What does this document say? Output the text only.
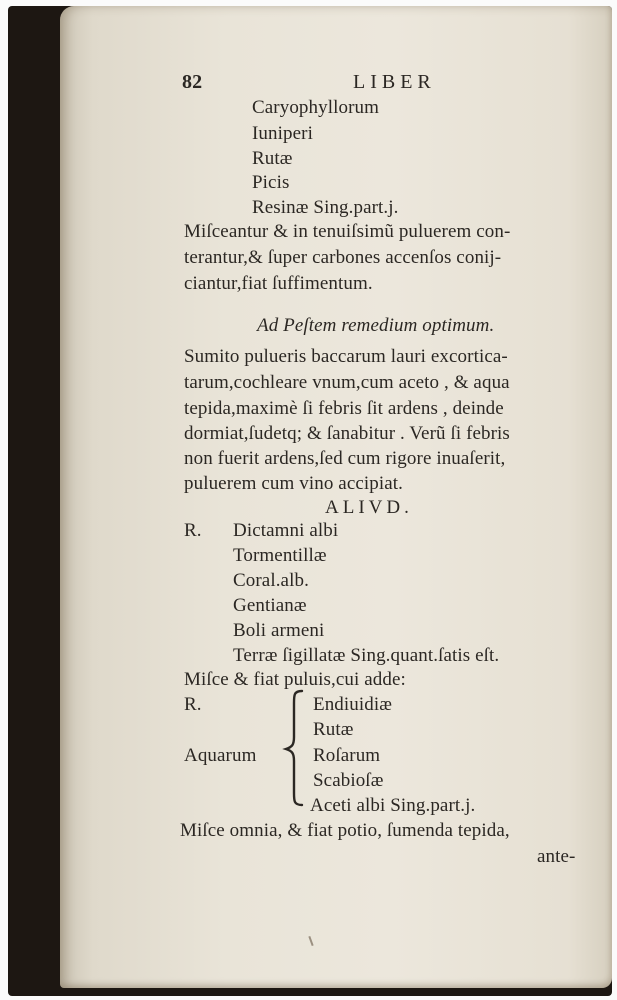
82	LIBER
Caryophyllorum
Iuniperi
Rutæ
Picis
Resinæ Sing.part.j.
Miſceantur & in tenuiſsimũ puluerem con-
terantur,& ſuper carbones accenſos conij-
ciantur,fiat ſuffimentum.
Ad Peſtem remedium optimum.
Sumito pulueris baccarum lauri excortica-
tarum,cochleare vnum,cum aceto , & aqua
tepida,maximè ſi febris ſit ardens , deinde
dormiat,ſudetq; & ſanabitur . Verũ ſi febris
non fuerit ardens,ſed cum rigore inuaſerit,
puluerem cum vino accipiat.
ALIVD.
R. Dictamni albi
Tormentillæ
Coral.alb.
Gentianæ
Boli armeni
Terræ ſigillatæ Sing.quant.ſatis eſt.
Miſce & fiat puluis,cui adde:
R.
Aquarum
Endiuidiæ
Rutæ
Roſarum
Scabioſæ
Aceti albi Sing.part.j.
Miſce omnia, & fiat potio, ſumenda tepida,
ante-
